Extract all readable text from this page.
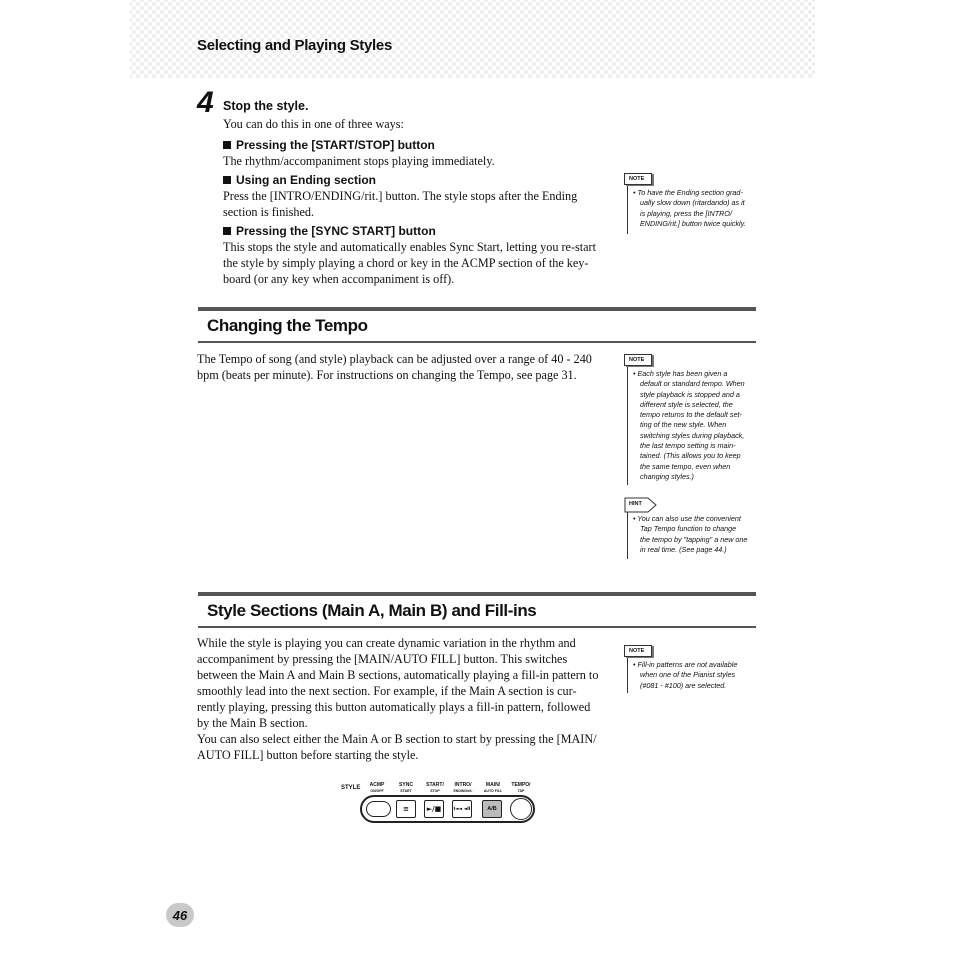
Selecting and Playing Styles
4 Stop the style.
You can do this in one of three ways:
Pressing the [START/STOP] button
The rhythm/accompaniment stops playing immediately.
Using an Ending section
Press the [INTRO/ENDING/rit.] button. The style stops after the Ending
section is finished.
Pressing the [SYNC START] button
This stops the style and automatically enables Sync Start, letting you re-start
the style by simply playing a chord or key in the ACMP section of the key-
board (or any key when accompaniment is off).
NOTE
• To have the Ending section grad-
ually slow down (ritardando) as it
is playing, press the [INTRO/
ENDING/rit.] button twice quickly.
Changing the Tempo
The Tempo of song (and style) playback can be adjusted over a range of 40 - 240
bpm (beats per minute). For instructions on changing the Tempo, see page 31.
NOTE
• Each style has been given a
default or standard tempo. When
style playback is stopped and a
different style is selected, the
tempo returns to the default set-
ting of the new style. When
switching styles during playback,
the last tempo setting is main-
tained. (This allows you to keep
the same tempo, even when
changing styles.)
HINT
• You can also use the convenient
Tap Tempo function to change
the tempo by "tapping" a new one
in real time. (See page 44.)
Style Sections (Main A, Main B) and Fill-ins
While the style is playing you can create dynamic variation in the rhythm and
accompaniment by pressing the [MAIN/AUTO FILL] button. This switches
between the Main A and Main B sections, automatically playing a fill-in pattern to
smoothly lead into the next section. For example, if the Main A section is cur-
rently playing, pressing this button automatically plays a fill-in pattern, followed
by the Main B section.
You can also select either the Main A or B section to start by pressing the [MAIN/
AUTO FILL] button before starting the style.
NOTE
• Fill-in patterns are not available
when one of the Pianist styles
(#081 - #100) are selected.
STYLE	ACMP
ON/OFF
SYNC
START
START/
STOP
INTRO/
ENDING/rit.
MAIN/
AUTO FILL
TEMPO/
TAP
≡	►/■	I◄◄ ◄II	A/B
46
